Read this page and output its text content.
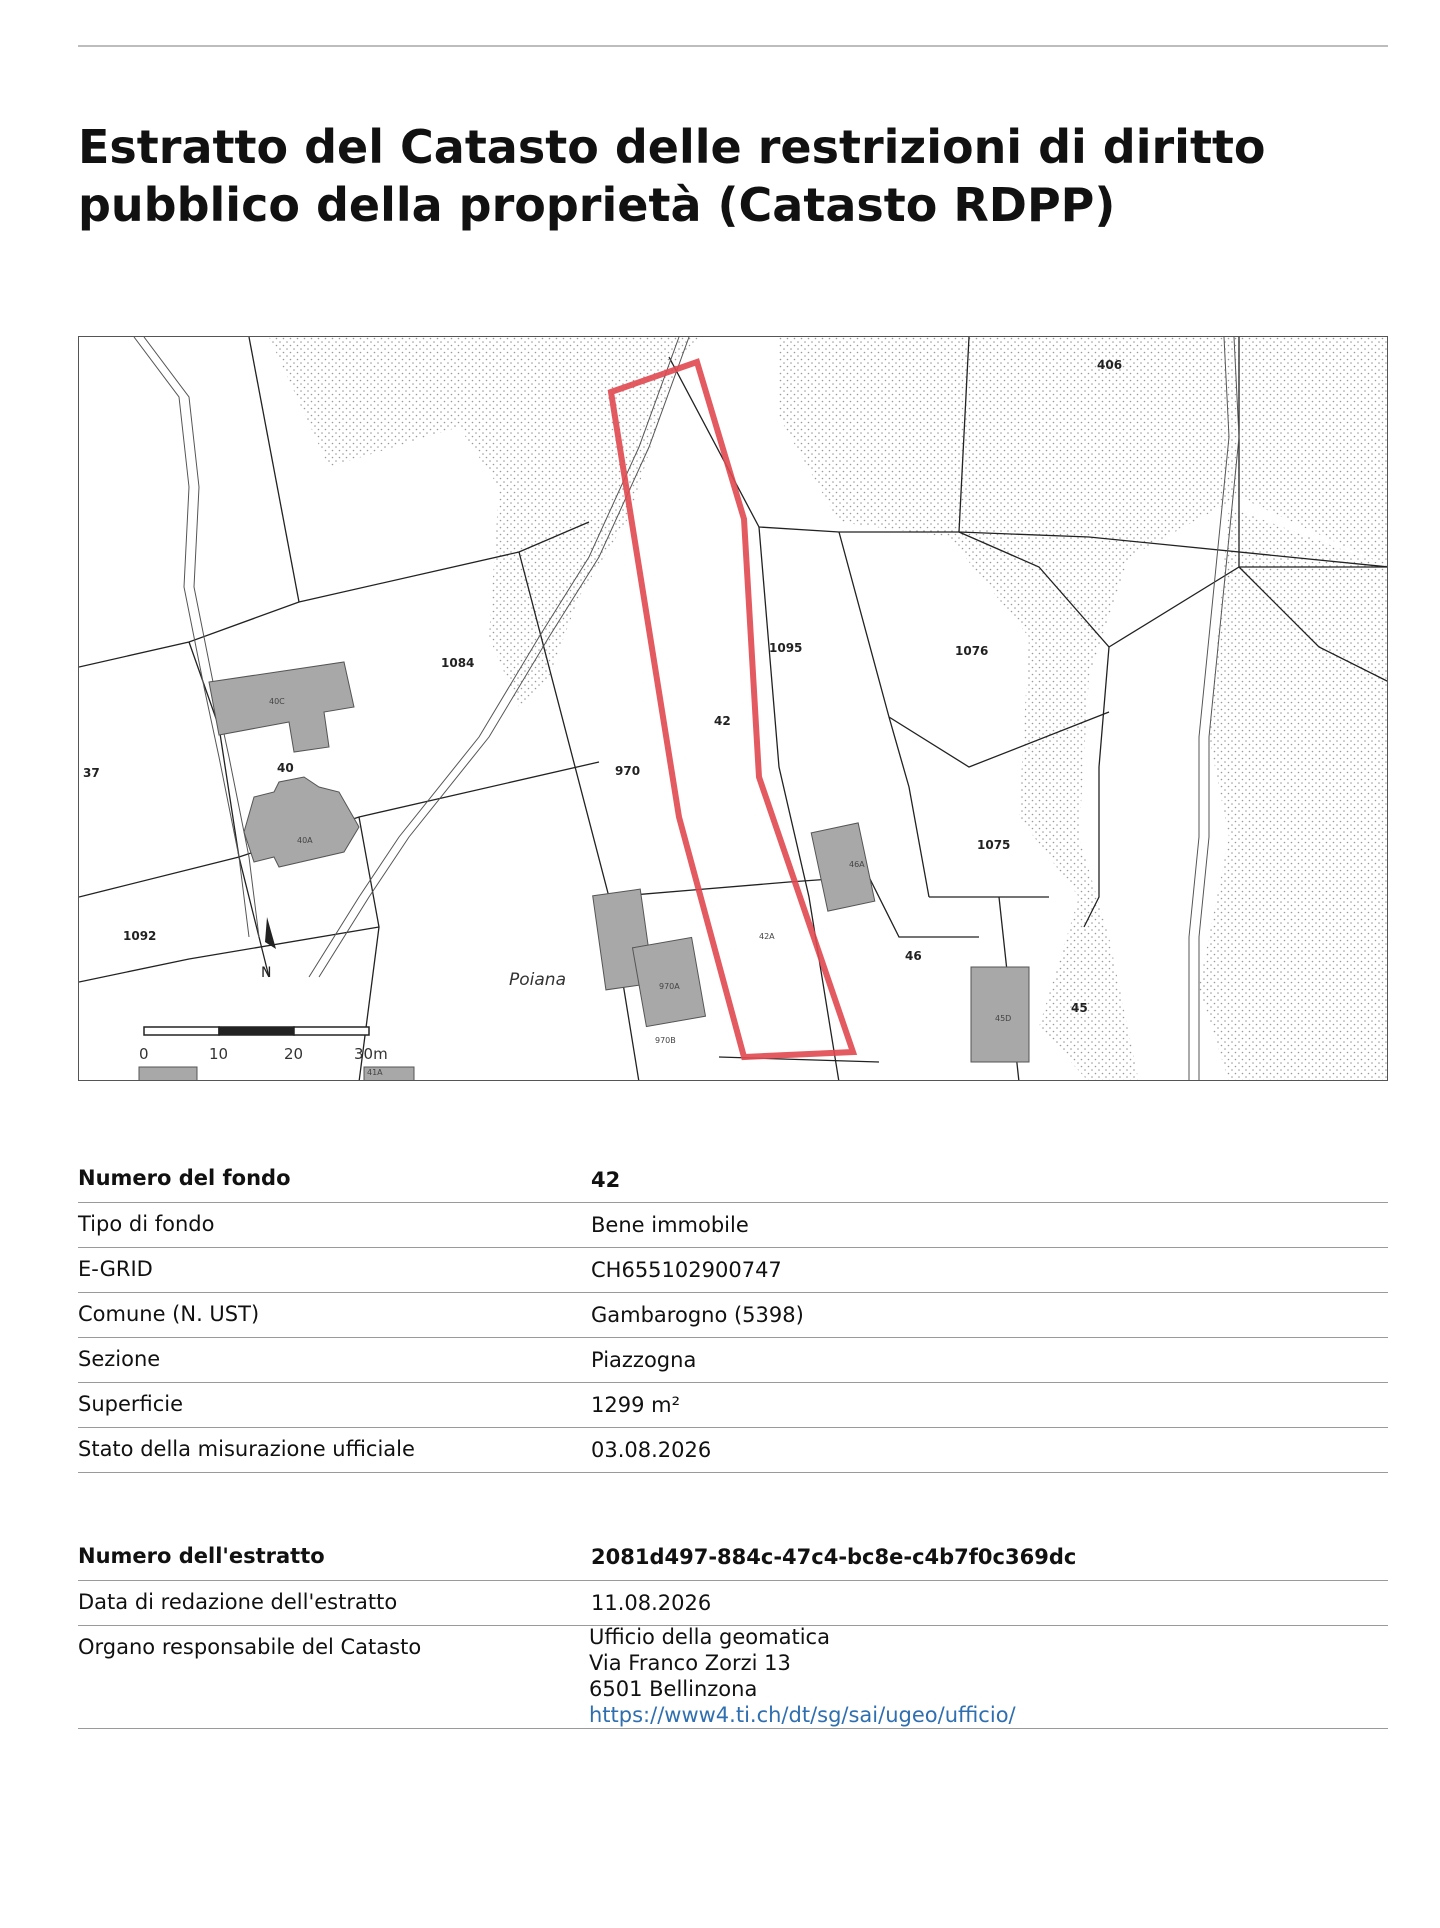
Estratto del Catasto delle restrizioni di diritto pubblico della proprietà (Catasto RDPP)
N
0	10	20	30m
406
1084
1095	1076
42
37	40	970
1075
1092
46
45
40C
40A
46A
42A
970A
45D
41A
970B
Poiana
Numero del fondo	42
Tipo di fondo	Bene immobile
E-GRID	CH655102900747
Comune (N. UST)	Gambarogno (5398)
Sezione	Piazzogna
Superficie	1299 m²
Stato della misurazione ufficiale	03.08.2026
Numero dell'estratto	2081d497-884c-47c4-bc8e-c4b7f0c369dc
Data di redazione dell'estratto	11.08.2026
Organo responsabile del Catasto	Ufficio della geomatica
Via Franco Zorzi 13
6501 Bellinzona
https://www4.ti.ch/dt/sg/sai/ugeo/ufficio/
